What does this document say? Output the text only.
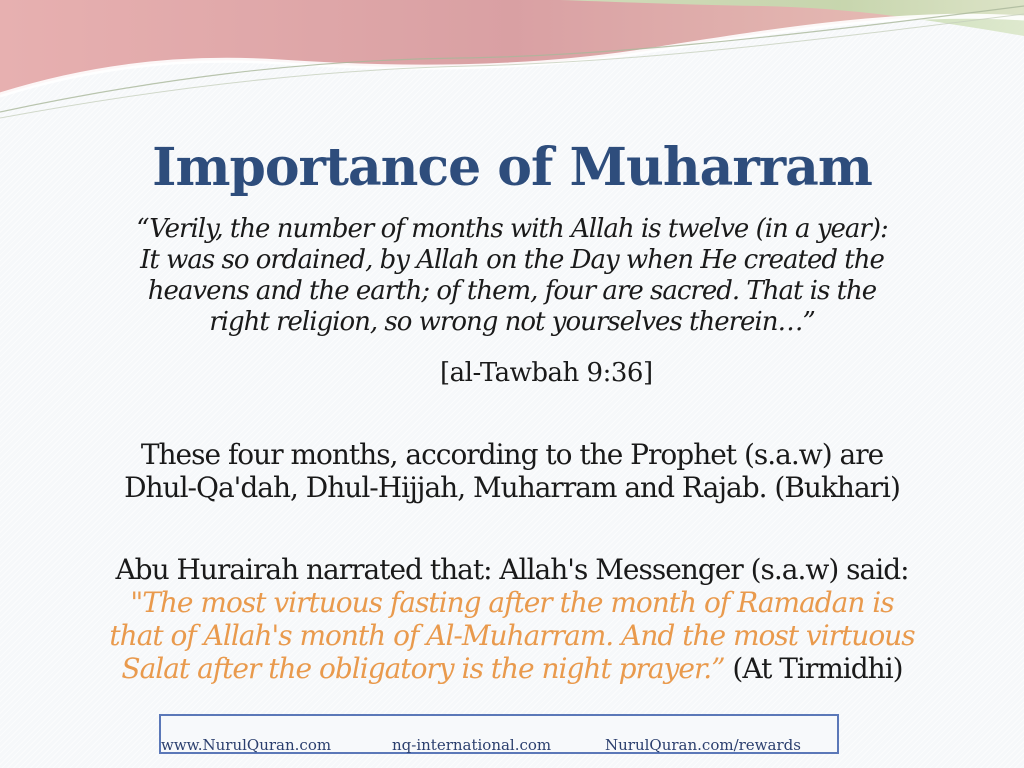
Importance of Muharram

“Verily, the number of months with Allah is twelve (in a year):
It was so ordained, by Allah on the Day when He created the
heavens and the earth; of them, four are sacred. That is the
right religion, so wrong not yourselves therein…”

[al-Tawbah 9:36]

These four months, according to the Prophet (s.a.w) are
Dhul-Qa'dah, Dhul-Hijjah, Muharram and Rajab. (Bukhari)

Abu Hurairah narrated that: Allah's Messenger (s.a.w) said:
"The most virtuous fasting after the month of Ramadan is
that of Allah's month of Al-Muharram. And the most virtuous
Salat after the obligatory is the night prayer.” (At Tirmidhi)

www.NurulQuran.com	nq-international.com	NurulQuran.com/rewards
